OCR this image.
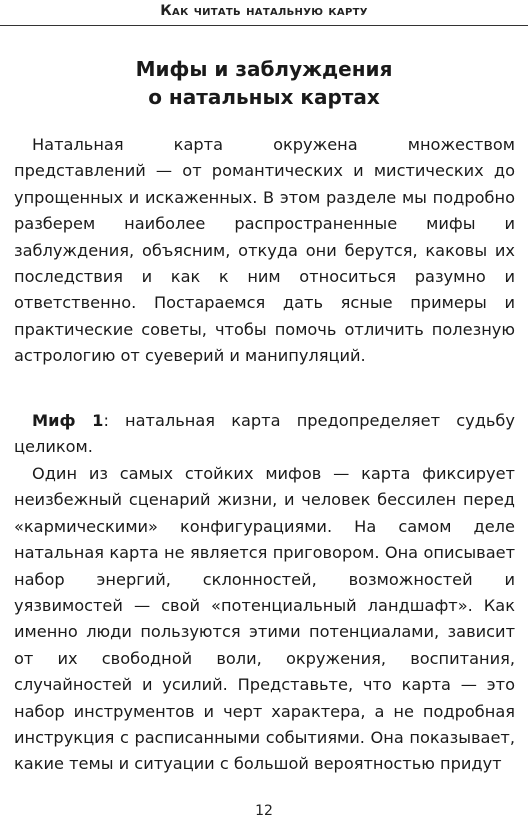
Как читать натальную карту
Мифы и заблуждения
о натальных картах

Натальная карта окружена множеством представлений — от романтических и мистических до упрощенных и искаженных. В этом разделе мы подробно разберем наиболее распространенные мифы и заблуждения, объясним, откуда они берутся, каковы их последствия и как к ним относиться разумно и ответственно. Постараемся дать ясные примеры и практические советы, чтобы помочь отличить полезную астрологию от суеверий и манипуляций.

Миф 1: натальная карта предопределяет судьбу целиком.

Один из самых стойких мифов — карта фиксирует неизбежный сценарий жизни, и человек бессилен перед «кармическими» конфигурациями. На самом деле натальная карта не является приговором. Она описывает набор энергий, склонностей, возможностей и уязвимостей — свой «потенциальный ландшафт». Как именно люди пользуются этими потенциалами, зависит от их свободной воли, окружения, воспитания, случайностей и усилий. Представьте, что карта — это набор инструментов и черт характера, а не подробная инструкция с расписанными событиями. Она показывает, какие темы и ситуации с большой вероятностью придут

12
